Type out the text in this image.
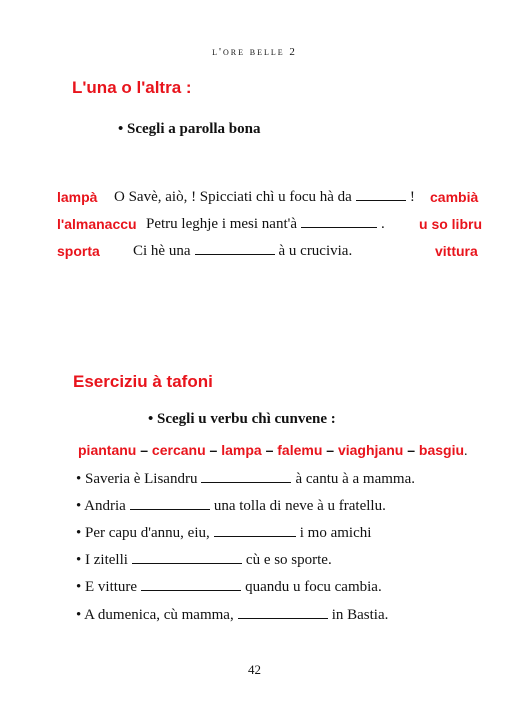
l'ore belle 2
L'una o l'altra :
• Scegli a parolla bona
lampà O Savè, aiò, ! Spicciati chì u focu hà da	! cambià
l'almanaccu Petru leghje i mesi nant'à	. u so libru
sporta Ci hè una	à u crucivia.	vittura
Eserciziu à tafoni
• Scegli u verbu chì cunvene :
piantanu – cercanu – lampa – falemu – viaghjanu – basgiu.
• Saveria è Lisandru	à cantu à a mamma.
• Andria	una tolla di neve à u fratellu.
• Per capu d'annu, eiu,	i mo amichi
• I zitelli	cù e so sporte.
• E vitture	quandu u focu cambia.
• A dumenica, cù mamma,	in Bastia.
42
